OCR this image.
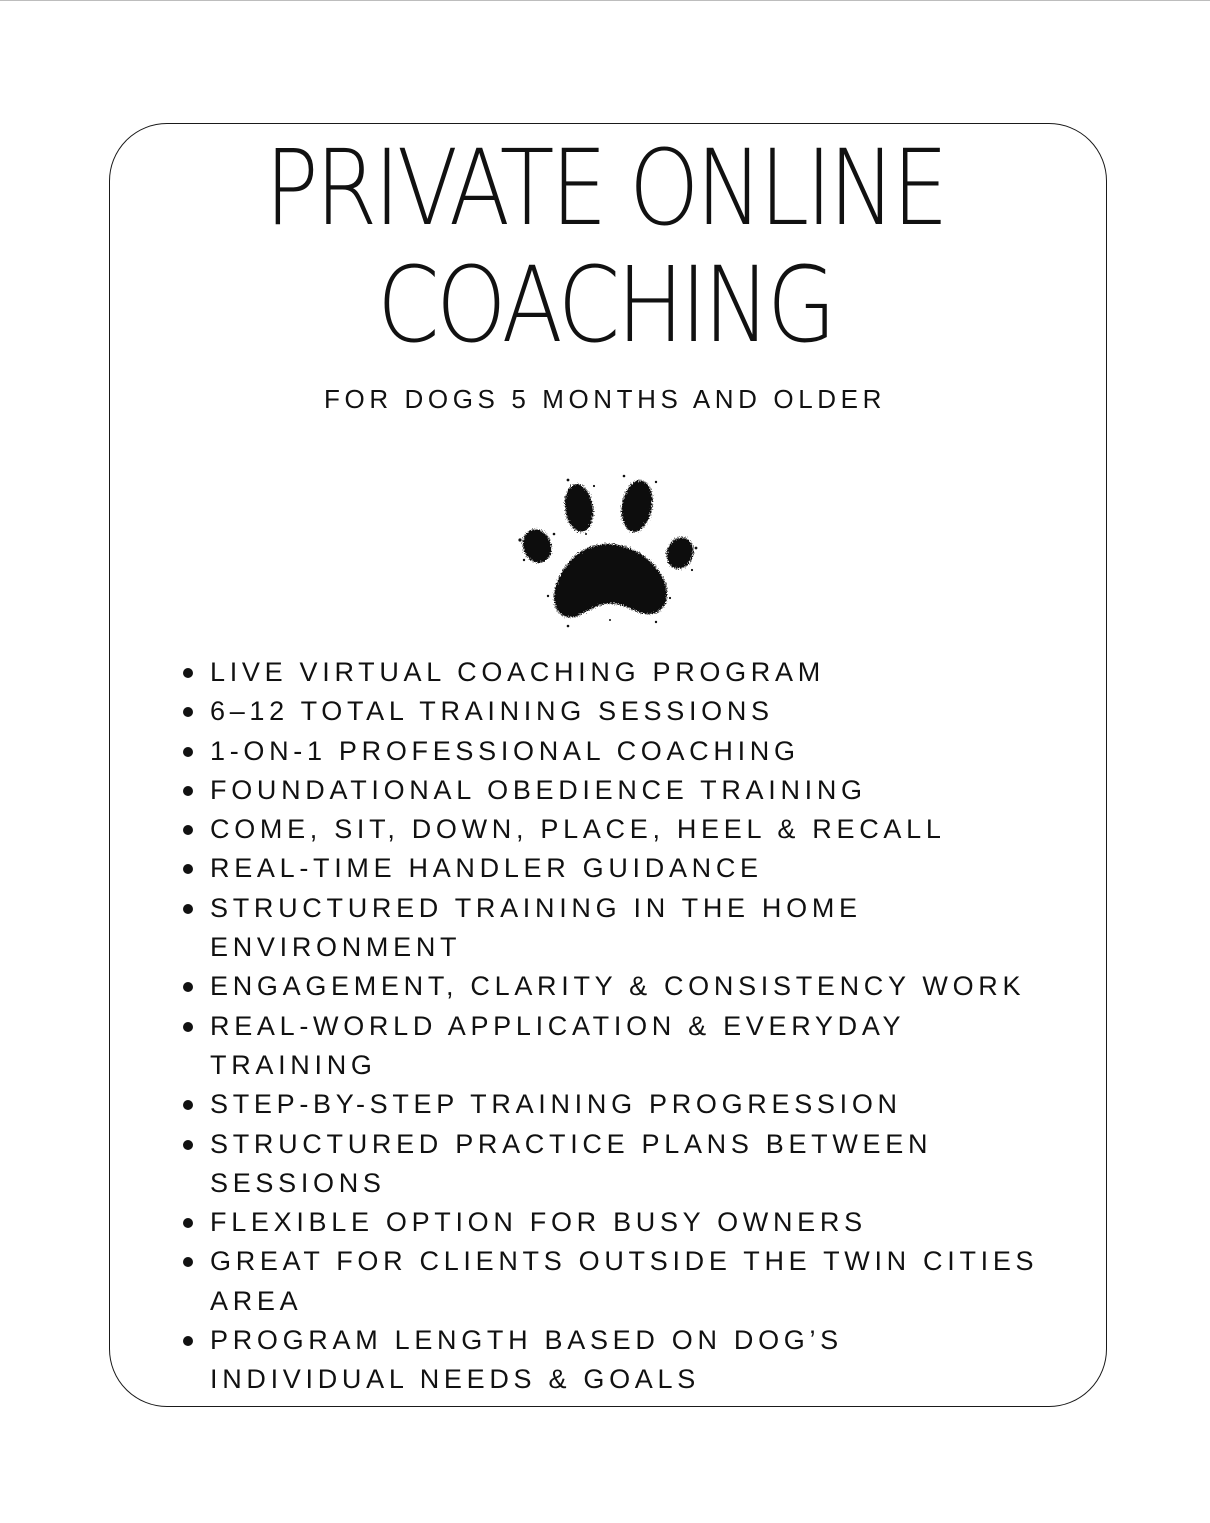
PRIVATE ONLINE
COACHING
FOR DOGS 5 MONTHS AND OLDER
LIVE VIRTUAL COACHING PROGRAM
6–12 TOTAL TRAINING SESSIONS
1-ON-1 PROFESSIONAL COACHING
FOUNDATIONAL OBEDIENCE TRAINING
COME, SIT, DOWN, PLACE, HEEL & RECALL
REAL-TIME HANDLER GUIDANCE
STRUCTURED TRAINING IN THE HOME
ENVIRONMENT
ENGAGEMENT, CLARITY & CONSISTENCY WORK
REAL-WORLD APPLICATION & EVERYDAY
TRAINING
STEP-BY-STEP TRAINING PROGRESSION
STRUCTURED PRACTICE PLANS BETWEEN
SESSIONS
FLEXIBLE OPTION FOR BUSY OWNERS
GREAT FOR CLIENTS OUTSIDE THE TWIN CITIES
AREA
PROGRAM LENGTH BASED ON DOG’S
INDIVIDUAL NEEDS & GOALS
